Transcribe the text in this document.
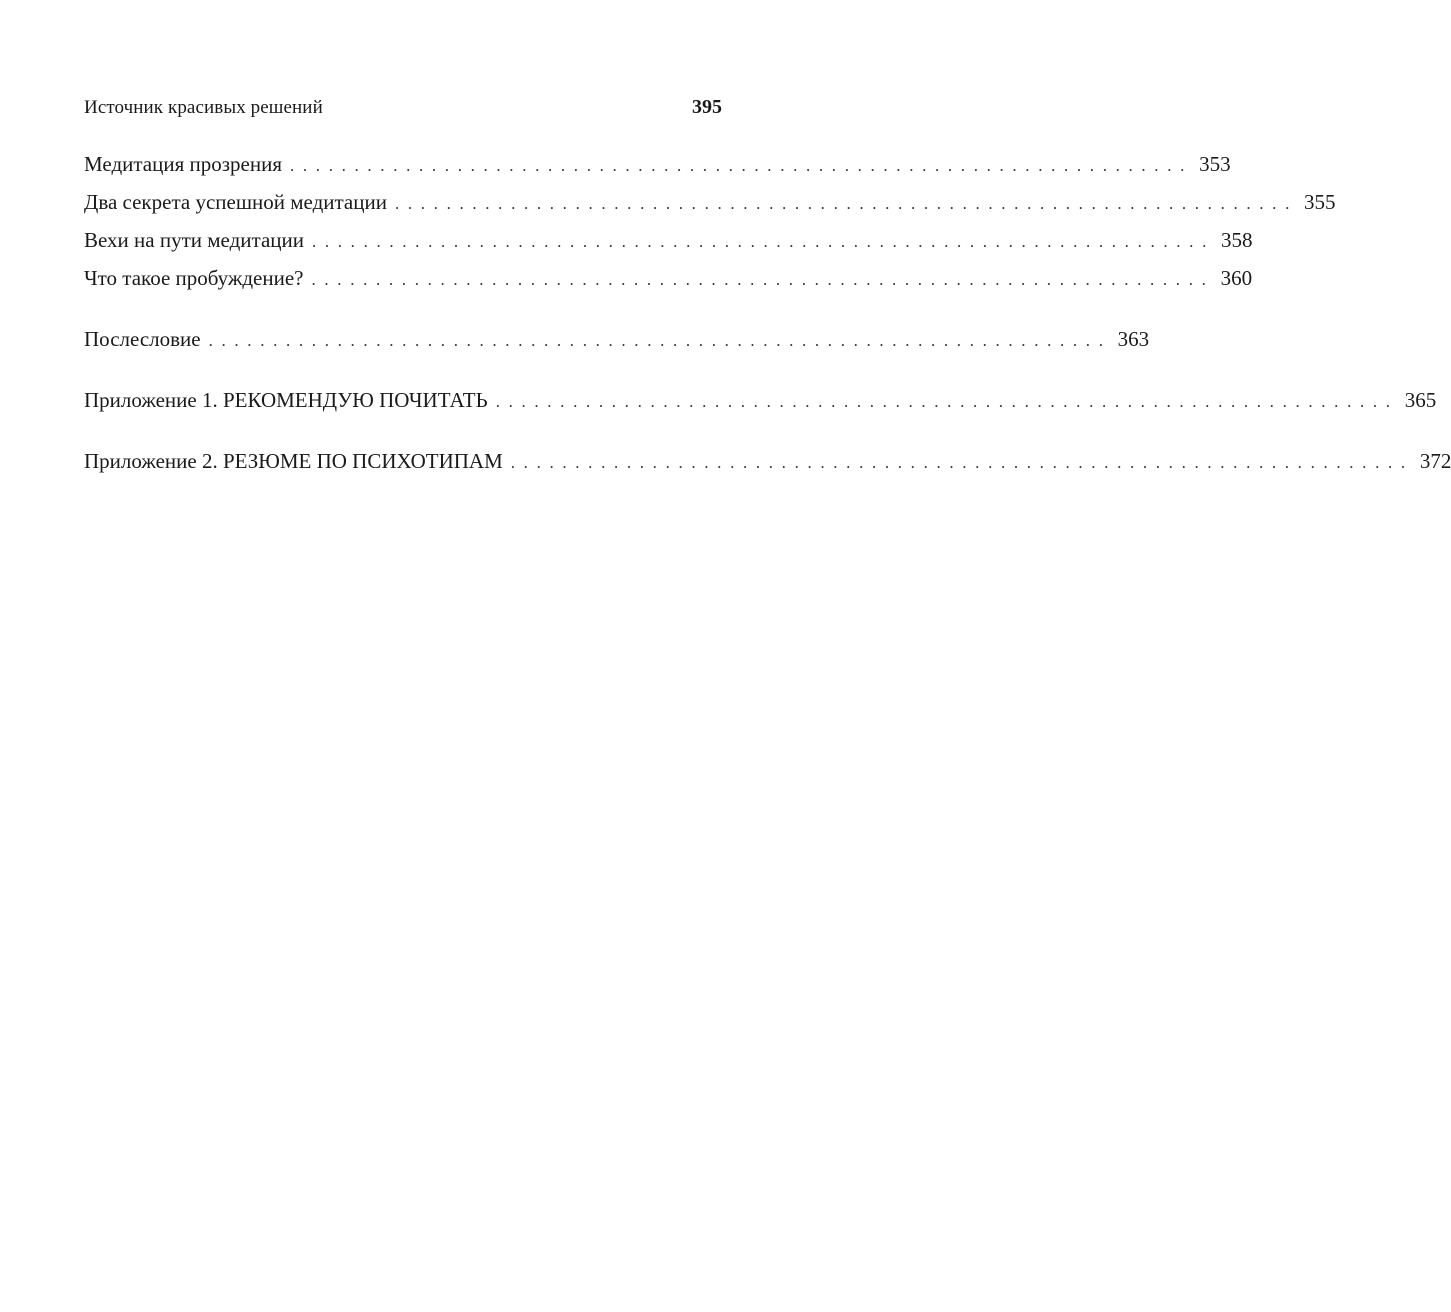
Источник красивых решений	395
Медитация прозрения . . . . . . . . . . . . . . . . . . . . . . . . . . . . . . . . . . . . . . . . . . . . . . . . . . . . . . . . . . . . . . . . . . . . . . 353
Два секрета успешной медитации . . . . . . . . . . . . . . . . . . . . . . . . . . . . . . . . . . . . . . . . . . . . . . . . . . . . . . . . . . . . . . . . . . . . . . 355
Вехи на пути медитации . . . . . . . . . . . . . . . . . . . . . . . . . . . . . . . . . . . . . . . . . . . . . . . . . . . . . . . . . . . . . . . . . . . . . . 358
Что такое пробуждение? . . . . . . . . . . . . . . . . . . . . . . . . . . . . . . . . . . . . . . . . . . . . . . . . . . . . . . . . . . . . . . . . . . . . . . 360
Послесловие . . . . . . . . . . . . . . . . . . . . . . . . . . . . . . . . . . . . . . . . . . . . . . . . . . . . . . . . . . . . . . . . . . . . . . 363
Приложение 1. РЕКОМЕНДУЮ ПОЧИТАТЬ . . . . . . . . . . . . . . . . . . . . . . . . . . . . . . . . . . . . . . . . . . . . . . . . . . . . . . . . . . . . . . . . . . . . . . 365
Приложение 2. РЕЗЮМЕ ПО ПСИХОТИПАМ . . . . . . . . . . . . . . . . . . . . . . . . . . . . . . . . . . . . . . . . . . . . . . . . . . . . . . . . . . . . . . . . . . . . . . 372
